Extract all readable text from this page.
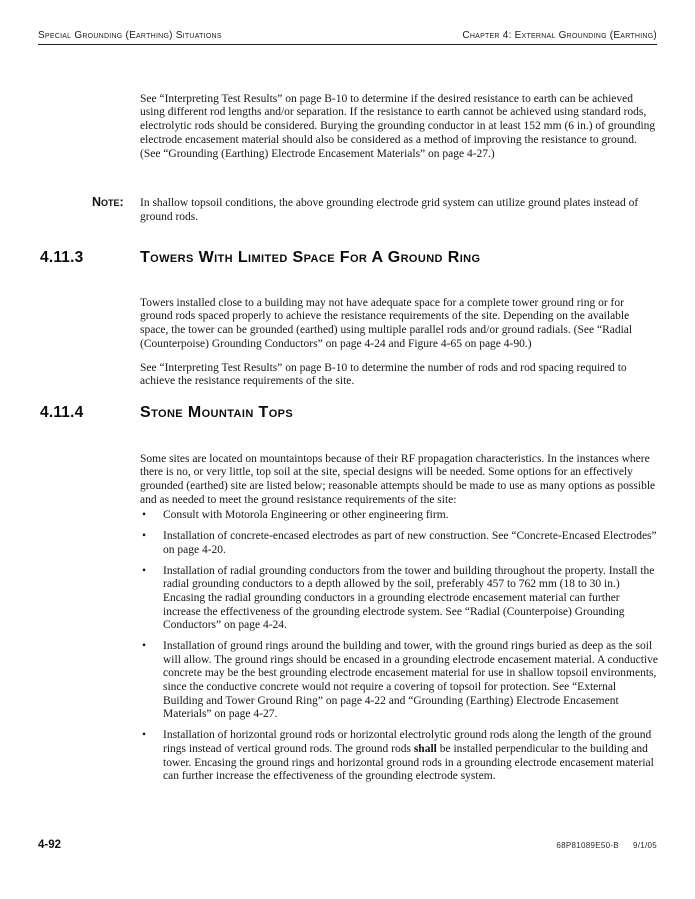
Special Grounding (Earthing) Situations	Chapter 4: External Grounding (Earthing)

See “Interpreting Test Results” on page B-10 to determine if the desired resistance to earth can be achieved using different rod lengths and/or separation. If the resistance to earth cannot be achieved using standard rods, electrolytic rods should be considered. Burying the grounding conductor in at least 152 mm (6 in.) of grounding electrode encasement material should also be considered as a method of improving the resistance to ground. (See “Grounding (Earthing) Electrode Encasement Materials” on page 4-27.)

Note:	In shallow topsoil conditions, the above grounding electrode grid system can utilize ground plates instead of ground rods.
4.11.3	Towers With Limited Space For A Ground Ring

Towers installed close to a building may not have adequate space for a complete tower ground ring or for ground rods spaced properly to achieve the resistance requirements of the site. Depending on the available space, the tower can be grounded (earthed) using multiple parallel rods and/or ground radials. (See “Radial (Counterpoise) Grounding Conductors” on page 4-24 and Figure 4-65 on page 4-90.)

See “Interpreting Test Results” on page B-10 to determine the number of rods and rod spacing required to achieve the resistance requirements of the site.

4.11.4	Stone Mountain Tops

Some sites are located on mountaintops because of their RF propagation characteristics. In the instances where there is no, or very little, top soil at the site, special designs will be needed. Some options for an effectively grounded (earthed) site are listed below; reasonable attempts should be made to use as many options as possible and as needed to meet the ground resistance requirements of the site:

• Consult with Motorola Engineering or other engineering firm.
• Installation of concrete-encased electrodes as part of new construction. See “Concrete-Encased Electrodes” on page 4-20.
• Installation of radial grounding conductors from the tower and building throughout the property. Install the radial grounding conductors to a depth allowed by the soil, preferably 457 to 762 mm (18 to 30 in.) Encasing the radial grounding conductors in a grounding electrode encasement material can further increase the effectiveness of the grounding electrode system. See “Radial (Counterpoise) Grounding Conductors” on page 4-24.
• Installation of ground rings around the building and tower, with the ground rings buried as deep as the soil will allow. The ground rings should be encased in a grounding electrode encasement material. A conductive concrete may be the best grounding electrode encasement material for use in shallow topsoil environments, since the conductive concrete would not require a covering of topsoil for protection. See “External Building and Tower Ground Ring” on page 4-22 and “Grounding (Earthing) Electrode Encasement Materials” on page 4-27.
• Installation of horizontal ground rods or horizontal electrolytic ground rods along the length of the ground rings instead of vertical ground rods. The ground rods shall be installed perpendicular to the building and tower. Encasing the ground rings and horizontal ground rods in a grounding electrode encasement material can further increase the effectiveness of the grounding electrode system.
4-92	68P81089E50-B 9/1/05
